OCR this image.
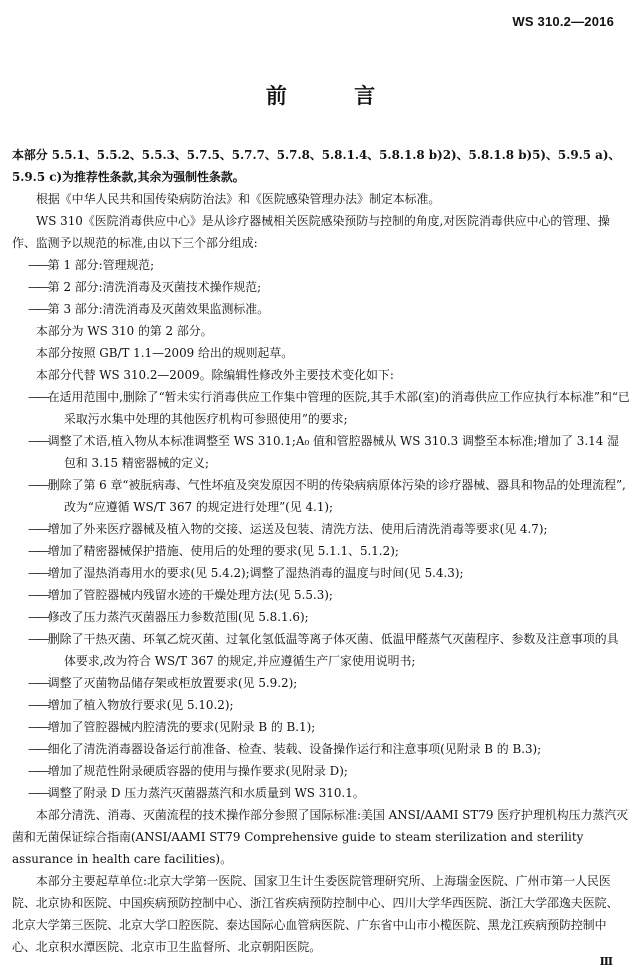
WS 310.2—2016
前 言

本部分 5.5.1、5.5.2、5.5.3、5.7.5、5.7.7、5.7.8、5.8.1.4、5.8.1.8 b)2)、5.8.1.8 b)5)、5.9.5 a)、5.9.5 c)为推荐性条款,其余为强制性条款。

根据《中华人民共和国传染病防治法》和《医院感染管理办法》制定本标准。

WS 310《医院消毒供应中心》是从诊疗器械相关医院感染预防与控制的角度,对医院消毒供应中心的管理、操作、监测予以规范的标准,由以下三个部分组成:

——第 1 部分:管理规范;

——第 2 部分:清洗消毒及灭菌技术操作规范;

——第 3 部分:清洗消毒及灭菌效果监测标准。

本部分为 WS 310 的第 2 部分。

本部分按照 GB/T 1.1—2009 给出的规则起草。

本部分代替 WS 310.2—2009。除编辑性修改外主要技术变化如下:

——在适用范围中,删除了“暂未实行消毒供应工作集中管理的医院,其手术部(室)的消毒供应工作应执行本标准”和“已采取污水集中处理的其他医疗机构可参照使用”的要求;

——调整了术语,植入物从本标准调整至 WS 310.1;A₀ 值和管腔器械从 WS 310.3 调整至本标准;增加了 3.14 湿包和 3.15 精密器械的定义;

——删除了第 6 章“被朊病毒、气性坏疽及突发原因不明的传染病病原体污染的诊疗器械、器具和物品的处理流程”,改为“应遵循 WS/T 367 的规定进行处理”(见 4.1);

——增加了外来医疗器械及植入物的交接、运送及包装、清洗方法、使用后清洗消毒等要求(见 4.7);

——增加了精密器械保护措施、使用后的处理的要求(见 5.1.1、5.1.2);

——增加了湿热消毒用水的要求(见 5.4.2);调整了湿热消毒的温度与时间(见 5.4.3);

——增加了管腔器械内残留水迹的干燥处理方法(见 5.5.3);

——修改了压力蒸汽灭菌器压力参数范围(见 5.8.1.6);

——删除了干热灭菌、环氧乙烷灭菌、过氧化氢低温等离子体灭菌、低温甲醛蒸气灭菌程序、参数及注意事项的具体要求,改为符合 WS/T 367 的规定,并应遵循生产厂家使用说明书;

——调整了灭菌物品储存架或柜放置要求(见 5.9.2);

——增加了植入物放行要求(见 5.10.2);

——增加了管腔器械内腔清洗的要求(见附录 B 的 B.1);

——细化了清洗消毒器设备运行前准备、检查、装载、设备操作运行和注意事项(见附录 B 的 B.3);

——增加了规范性附录硬质容器的使用与操作要求(见附录 D);

——调整了附录 D 压力蒸汽灭菌器蒸汽和水质量到 WS 310.1。

本部分清洗、消毒、灭菌流程的技术操作部分参照了国际标准:美国 ANSI/AAMI ST79 医疗护理机构压力蒸汽灭菌和无菌保证综合指南(ANSI/AAMI ST79 Comprehensive guide to steam sterilization and sterility assurance in health care facilities)。

本部分主要起草单位:北京大学第一医院、国家卫生计生委医院管理研究所、上海瑞金医院、广州市第一人民医院、北京协和医院、中国疾病预防控制中心、浙江省疾病预防控制中心、四川大学华西医院、浙江大学邵逸夫医院、北京大学第三医院、北京大学口腔医院、泰达国际心血管病医院、广东省中山市小榄医院、黑龙江疾病预防控制中心、北京积水潭医院、北京市卫生监督所、北京朝阳医院。

Ⅲ
